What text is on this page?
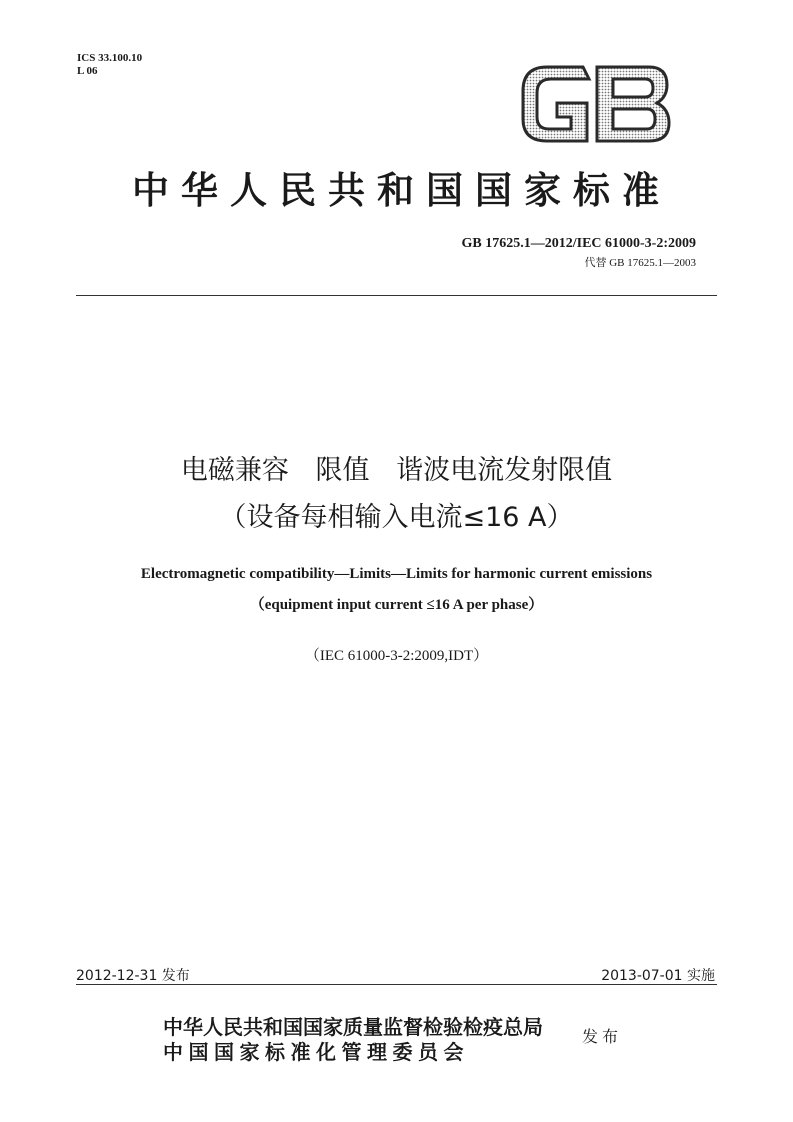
ICS 33.100.10
L 06
中华人民共和国国家标准
GB 17625.1—2012/IEC 61000-3-2:2009
代替 GB 17625.1—2003
电磁兼容 限值 谐波电流发射限值
（设备每相输入电流≤16 A）
Electromagnetic compatibility—Limits—Limits for harmonic current emissions
（equipment input current ≤16 A per phase）
（IEC 61000-3-2:2009,IDT）
2012-12-31 发布	2013-07-01 实施
中华人民共和国国家质量监督检验检疫总局
中国国家标准化管理委员会
发布
